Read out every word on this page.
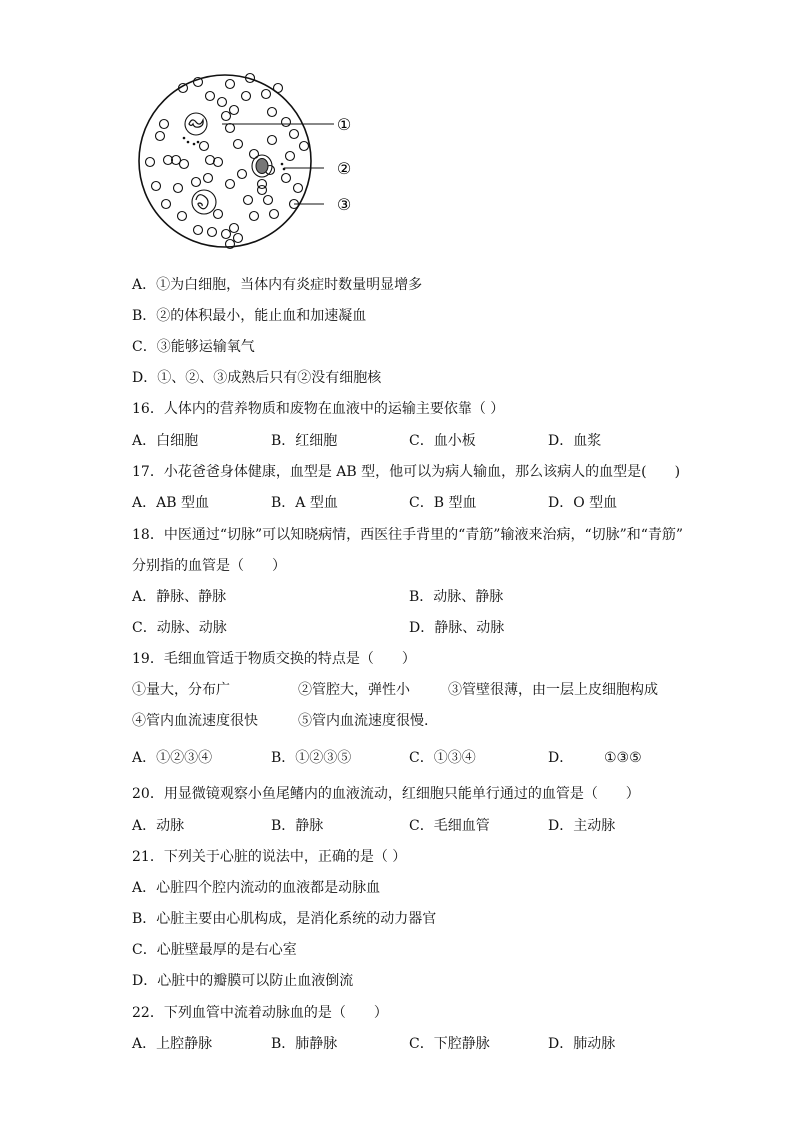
①
②
③
A．①为白细胞，当体内有炎症时数量明显增多
B．②的体积最小，能止血和加速凝血
C．③能够运输氧气
D．①、②、③成熟后只有②没有细胞核
16．人体内的营养物质和废物在血液中的运输主要依靠（ ）
A．白细胞	B．红细胞	C．血小板	D．血浆
17．小花爸爸身体健康，血型是 AB 型，他可以为病人输血，那么该病人的血型是(　　)
A．AB 型血	B．A 型血	C．B 型血	D．O 型血
18．中医通过“切脉”可以知晓病情，西医往手背里的“青筋”输液来治病，“切脉”和“青筋”
分别指的血管是（　　）
A．静脉、静脉	B．动脉、静脉
C．动脉、动脉	D．静脉、动脉
19．毛细血管适于物质交换的特点是（　　）
①量大，分布广	②管腔大，弹性小	③管壁很薄，由一层上皮细胞构成
④管内血流速度很快	⑤管内血流速度很慢.
A．①②③④	B．①②③⑤	C．①③④	D． ①③⑤
20．用显微镜观察小鱼尾鳍内的血液流动，红细胞只能单行通过的血管是（　　）
A．动脉	B．静脉	C．毛细血管	D．主动脉
21．下列关于心脏的说法中，正确的是（ ）
A．心脏四个腔内流动的血液都是动脉血
B．心脏主要由心肌构成，是消化系统的动力器官
C．心脏壁最厚的是右心室
D．心脏中的瓣膜可以防止血液倒流
22．下列血管中流着动脉血的是（　　）
A．上腔静脉	B．肺静脉	C．下腔静脉	D．肺动脉
